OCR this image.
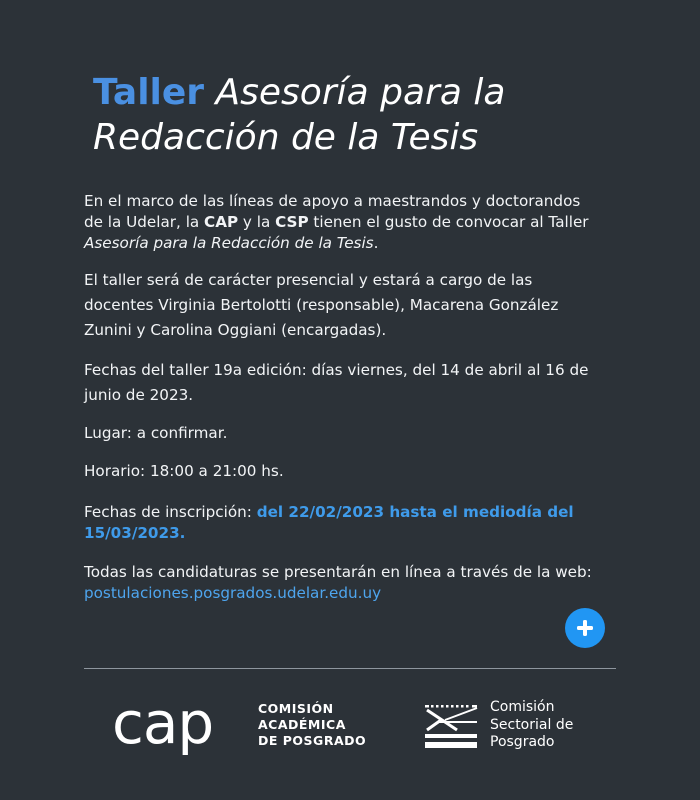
Taller Asesoría para la
Redacción de la Tesis

En el marco de las líneas de apoyo a maestrandos y doctorandos de la Udelar, la CAP y la CSP tienen el gusto de convocar al Taller Asesoría para la Redacción de la Tesis.

El taller será de carácter presencial y estará a cargo de las docentes Virginia Bertolotti (responsable), Macarena González Zunini y Carolina Oggiani (encargadas).

Fechas del taller 19a edición: días viernes, del 14 de abril al 16 de junio de 2023.

Lugar: a confirmar.

Horario: 18:00 a 21:00 hs.

Fechas de inscripción: del 22/02/2023 hasta el mediodía del 15/03/2023.

Todas las candidaturas se presentarán en línea a través de la web: postulaciones.posgrados.udelar.edu.uy

cap	COMISIÓN
ACADÉMICA
DE POSGRADO
Comisión
Sectorial de
Posgrado
